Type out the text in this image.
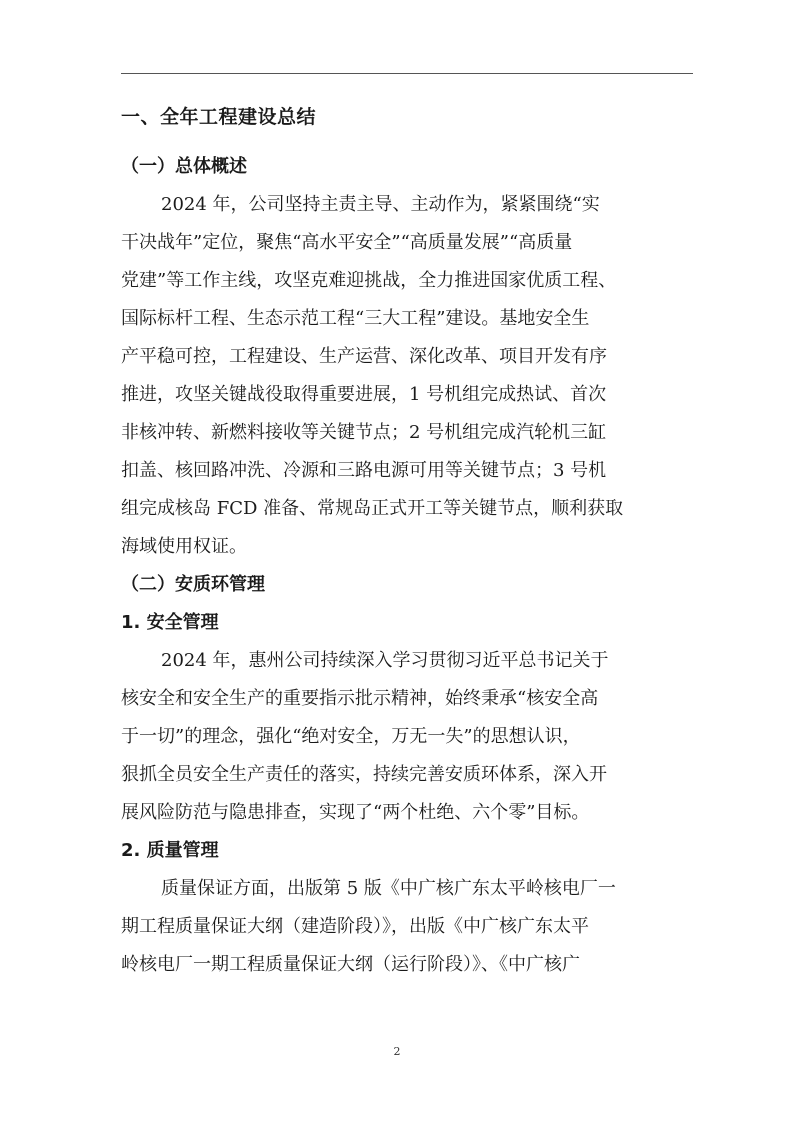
一、全年工程建设总结
（一）总体概述
2024 年，公司坚持主责主导、主动作为，紧紧围绕“实
干决战年”定位，聚焦“高水平安全”“高质量发展”“高质量
党建”等工作主线，攻坚克难迎挑战，全力推进国家优质工程、
国际标杆工程、生态示范工程“三大工程”建设。基地安全生
产平稳可控，工程建设、生产运营、深化改革、项目开发有序
推进，攻坚关键战役取得重要进展，1 号机组完成热试、首次
非核冲转、新燃料接收等关键节点；2 号机组完成汽轮机三缸
扣盖、核回路冲洗、冷源和三路电源可用等关键节点；3 号机
组完成核岛 FCD 准备、常规岛正式开工等关键节点，顺利获取
海域使用权证。
（二）安质环管理
1. 安全管理
2024 年，惠州公司持续深入学习贯彻习近平总书记关于
核安全和安全生产的重要指示批示精神，始终秉承“核安全高
于一切”的理念，强化“绝对安全，万无一失”的思想认识，
狠抓全员安全生产责任的落实，持续完善安质环体系，深入开
展风险防范与隐患排查，实现了“两个杜绝、六个零”目标。
2. 质量管理
质量保证方面，出版第 5 版《中广核广东太平岭核电厂一
期工程质量保证大纲（建造阶段）》，出版《中广核广东太平
岭核电厂一期工程质量保证大纲（运行阶段）》、《中广核广
2
